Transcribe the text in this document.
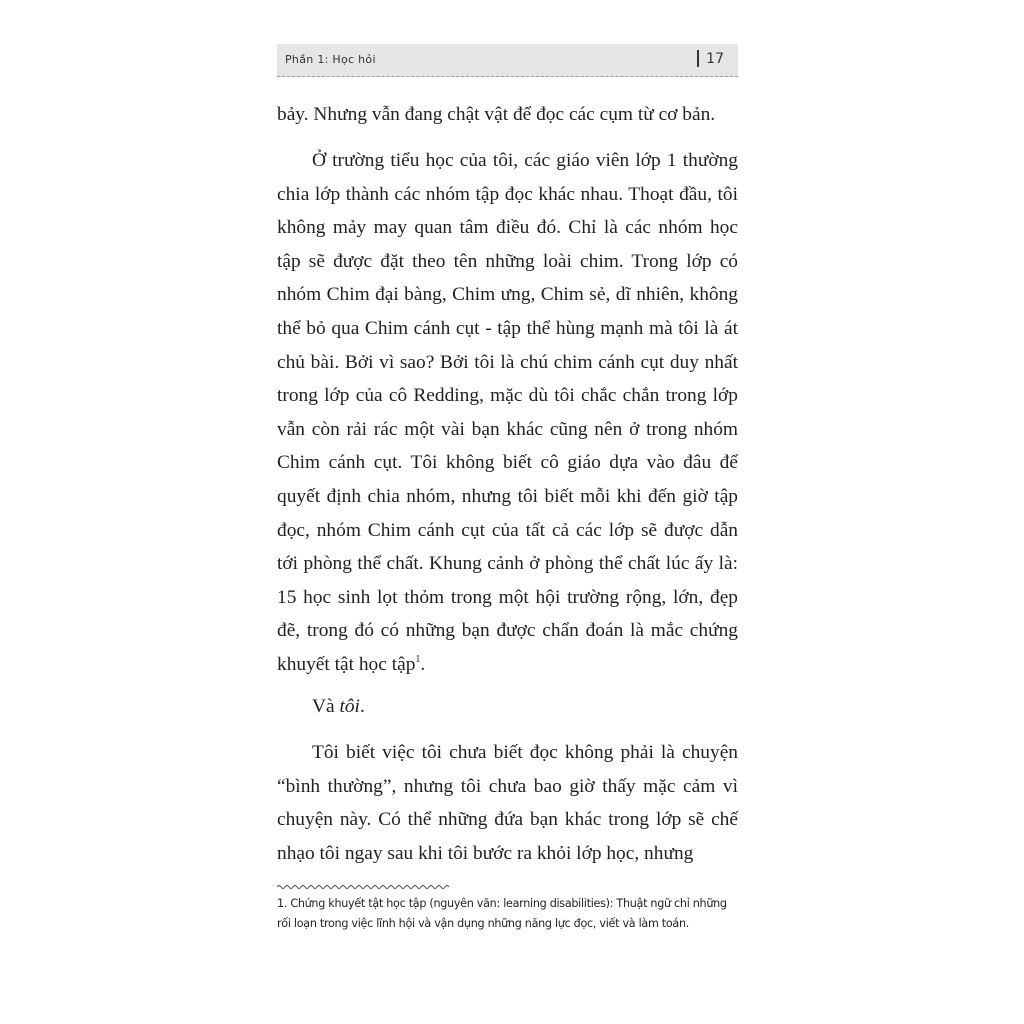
Phần 1: Học hỏi	17

bảy. Nhưng vẫn đang chật vật để đọc các cụm từ cơ bản.

Ở trường tiểu học của tôi, các giáo viên lớp 1 thường chia lớp thành các nhóm tập đọc khác nhau. Thoạt đầu, tôi không mảy may quan tâm điều đó. Chỉ là các nhóm học tập sẽ được đặt theo tên những loài chim. Trong lớp có nhóm Chim đại bàng, Chim ưng, Chim sẻ, dĩ nhiên, không thể bỏ qua Chim cánh cụt - tập thể hùng mạnh mà tôi là át chủ bài. Bởi vì sao? Bởi tôi là chú chim cánh cụt duy nhất trong lớp của cô Redding, mặc dù tôi chắc chắn trong lớp vẫn còn rải rác một vài bạn khác cũng nên ở trong nhóm Chim cánh cụt. Tôi không biết cô giáo dựa vào đâu để quyết định chia nhóm, nhưng tôi biết mỗi khi đến giờ tập đọc, nhóm Chim cánh cụt của tất cả các lớp sẽ được dẫn tới phòng thể chất. Khung cảnh ở phòng thể chất lúc ấy là: 15 học sinh lọt thỏm trong một hội trường rộng, lớn, đẹp đẽ, trong đó có những bạn được chẩn đoán là mắc chứng khuyết tật học tập$^1$.

Và tôi.

Tôi biết việc tôi chưa biết đọc không phải là chuyện “bình thường”, nhưng tôi chưa bao giờ thấy mặc cảm vì chuyện này. Có thể những đứa bạn khác trong lớp sẽ chế nhạo tôi ngay sau khi tôi bước ra khỏi lớp học, nhưng

1. Chứng khuyết tật học tập (nguyên văn: learning disabilities): Thuật ngữ chỉ những rối loạn trong việc lĩnh hội và vận dụng những năng lực đọc, viết và làm toán.
